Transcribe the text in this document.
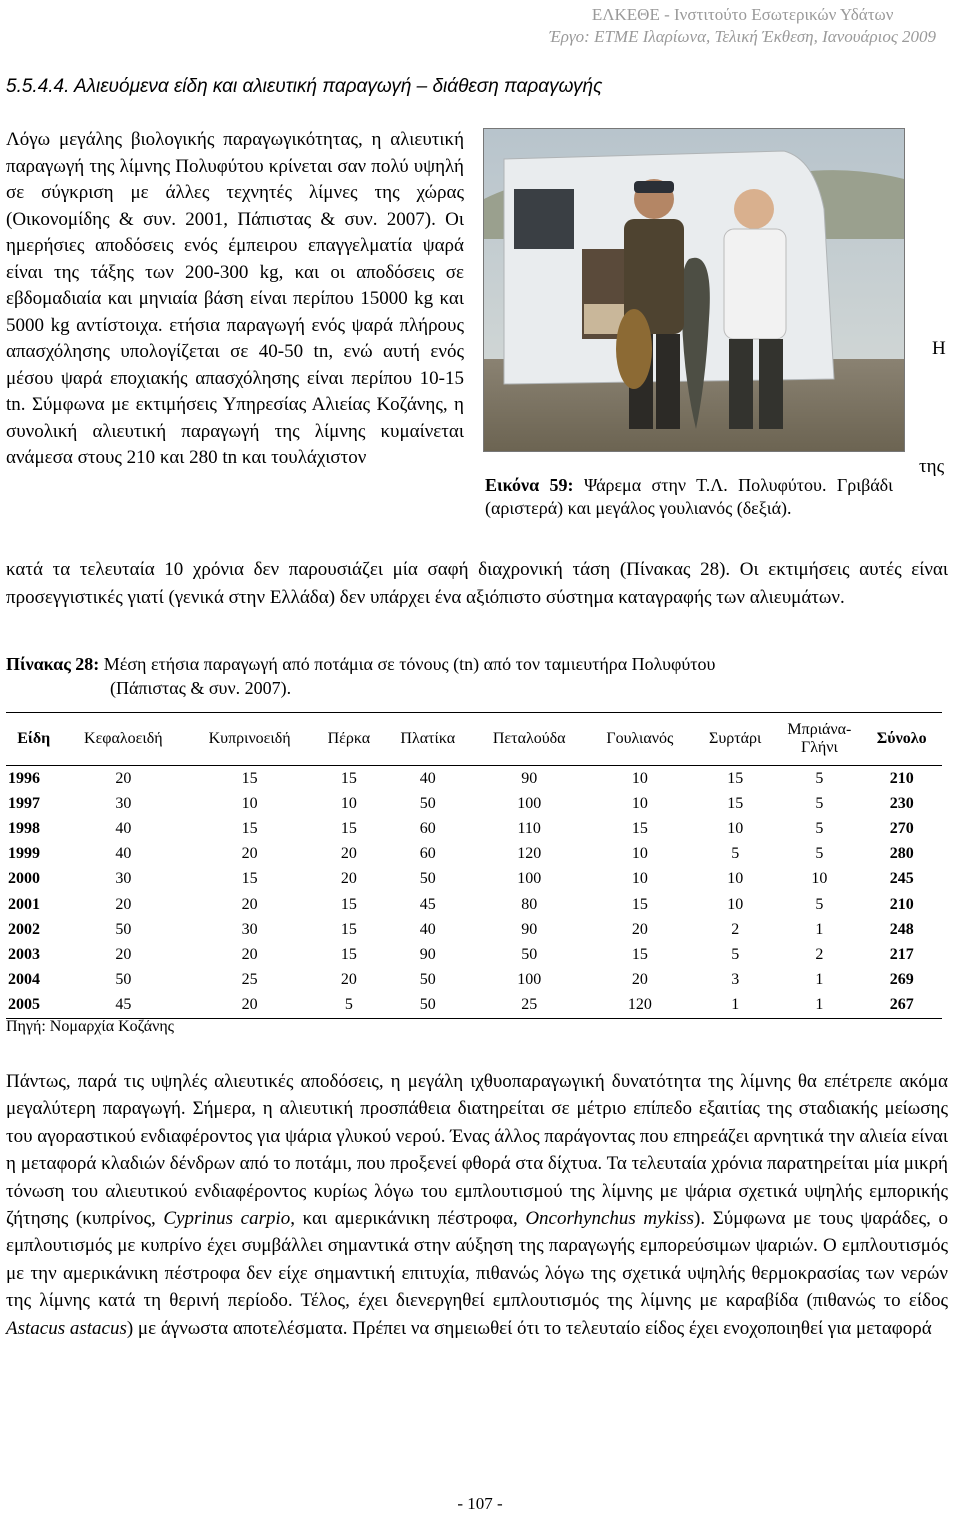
ΕΛΚΕΘΕ - Ινστιτούτο Εσωτερικών Υδάτων
Έργο: ΕΤΜΕ Ιλαρίωνα, Τελική Έκθεση, Ιανουάριος 2009
5.5.4.4. Αλιευόμενα είδη και αλιευτική παραγωγή – διάθεση παραγωγής
Λόγω μεγάλης βιολογικής παραγωγικότητας, η αλιευτική παραγωγή της λίμνης Πολυφύτου κρίνεται σαν πολύ υψηλή σε σύγκριση με άλλες τεχνητές λίμνες της χώρας (Οικονομίδης & συν. 2001, Πάπιστας & συν. 2007). Οι ημερήσιες αποδόσεις ενός έμπειρου επαγγελματία ψαρά είναι της τάξης των 200-300 kg, και οι αποδόσεις σε εβδομαδιαία και μηνιαία βάση είναι περίπου 15000 kg και 5000 kg αντίστοιχα. ετήσια παραγωγή ενός ψαρά πλήρους απασχόλησης υπολογίζεται σε 40-50 tn, ενώ αυτή ενός μέσου ψαρά εποχιακής απασχόλησης είναι περίπου 10-15 tn. Σύμφωνα με εκτιμήσεις Υπηρεσίας Αλιείας Κοζάνης, η συνολική αλιευτική παραγωγή της λίμνης κυμαίνεται ανάμεσα στους 210 και 280 tn και τουλάχιστον
Η
της
Εικόνα 59: Ψάρεμα στην Τ.Λ. Πολυφύτου. Γριβάδι (αριστερά) και μεγάλος γουλιανός (δεξιά).
κατά τα τελευταία 10 χρόνια δεν παρουσιάζει μία σαφή διαχρονική τάση (Πίνακας 28). Οι εκτιμήσεις αυτές είναι προσεγγιστικές γιατί (γενικά στην Ελλάδα) δεν υπάρχει ένα αξιόπιστο σύστημα καταγραφής των αλιευμάτων.
Πίνακας 28: Μέση ετήσια παραγωγή από ποτάμια σε τόνους (tn) από τον ταμιευτήρα Πολυφύτου
(Πάπιστας & συν. 2007).
Είδη	Κεφαλοειδή	Κυπρινοειδή	Πέρκα	Πλατίκα	Πεταλούδα	Γουλιανός	Συρτάρι	Μπριάνα-Γλήνι	Σύνολο
1996	20	15	15	40	90	10	15	5	210
1997	30	10	10	50	100	10	15	5	230
1998	40	15	15	60	110	15	10	5	270
1999	40	20	20	60	120	10	5	5	280
2000	30	15	20	50	100	10	10	10	245
2001	20	20	15	45	80	15	10	5	210
2002	50	30	15	40	90	20	2	1	248
2003	20	20	15	90	50	15	5	2	217
2004	50	25	20	50	100	20	3	1	269
2005	45	20	5	50	25	120	1	1	267
Πηγή: Νομαρχία Κοζάνης
Πάντως, παρά τις υψηλές αλιευτικές αποδόσεις, η μεγάλη ιχθυοπαραγωγική δυνατότητα της λίμνης θα επέτρεπε ακόμα μεγαλύτερη παραγωγή. Σήμερα, η αλιευτική προσπάθεια διατηρείται σε μέτριο επίπεδο εξαιτίας της σταδιακής μείωσης του αγοραστικού ενδιαφέροντος για ψάρια γλυκού νερού. Ένας άλλος παράγοντας που επηρεάζει αρνητικά την αλιεία είναι η μεταφορά κλαδιών δένδρων από το ποτάμι, που προξενεί φθορά στα δίχτυα. Τα τελευταία χρόνια παρατηρείται μία μικρή τόνωση του αλιευτικού ενδιαφέροντος κυρίως λόγω του εμπλουτισμού της λίμνης με ψάρια σχετικά υψηλής εμπορικής ζήτησης (κυπρίνος, Cyprinus carpio, και αμερικάνικη πέστροφα, Oncorhynchus mykiss). Σύμφωνα με τους ψαράδες, ο εμπλουτισμός με κυπρίνο έχει συμβάλλει σημαντικά στην αύξηση της παραγωγής εμπορεύσιμων ψαριών. Ο εμπλουτισμός με την αμερικάνικη πέστροφα δεν είχε σημαντική επιτυχία, πιθανώς λόγω της σχετικά υψηλής θερμοκρασίας των νερών της λίμνης κατά τη θερινή περίοδο. Τέλος, έχει διενεργηθεί εμπλουτισμός της λίμνης με καραβίδα (πιθανώς το είδος Astacus astacus) με άγνωστα αποτελέσματα. Πρέπει να σημειωθεί ότι το τελευταίο είδος έχει ενοχοποιηθεί για μεταφορά
- 107 -
